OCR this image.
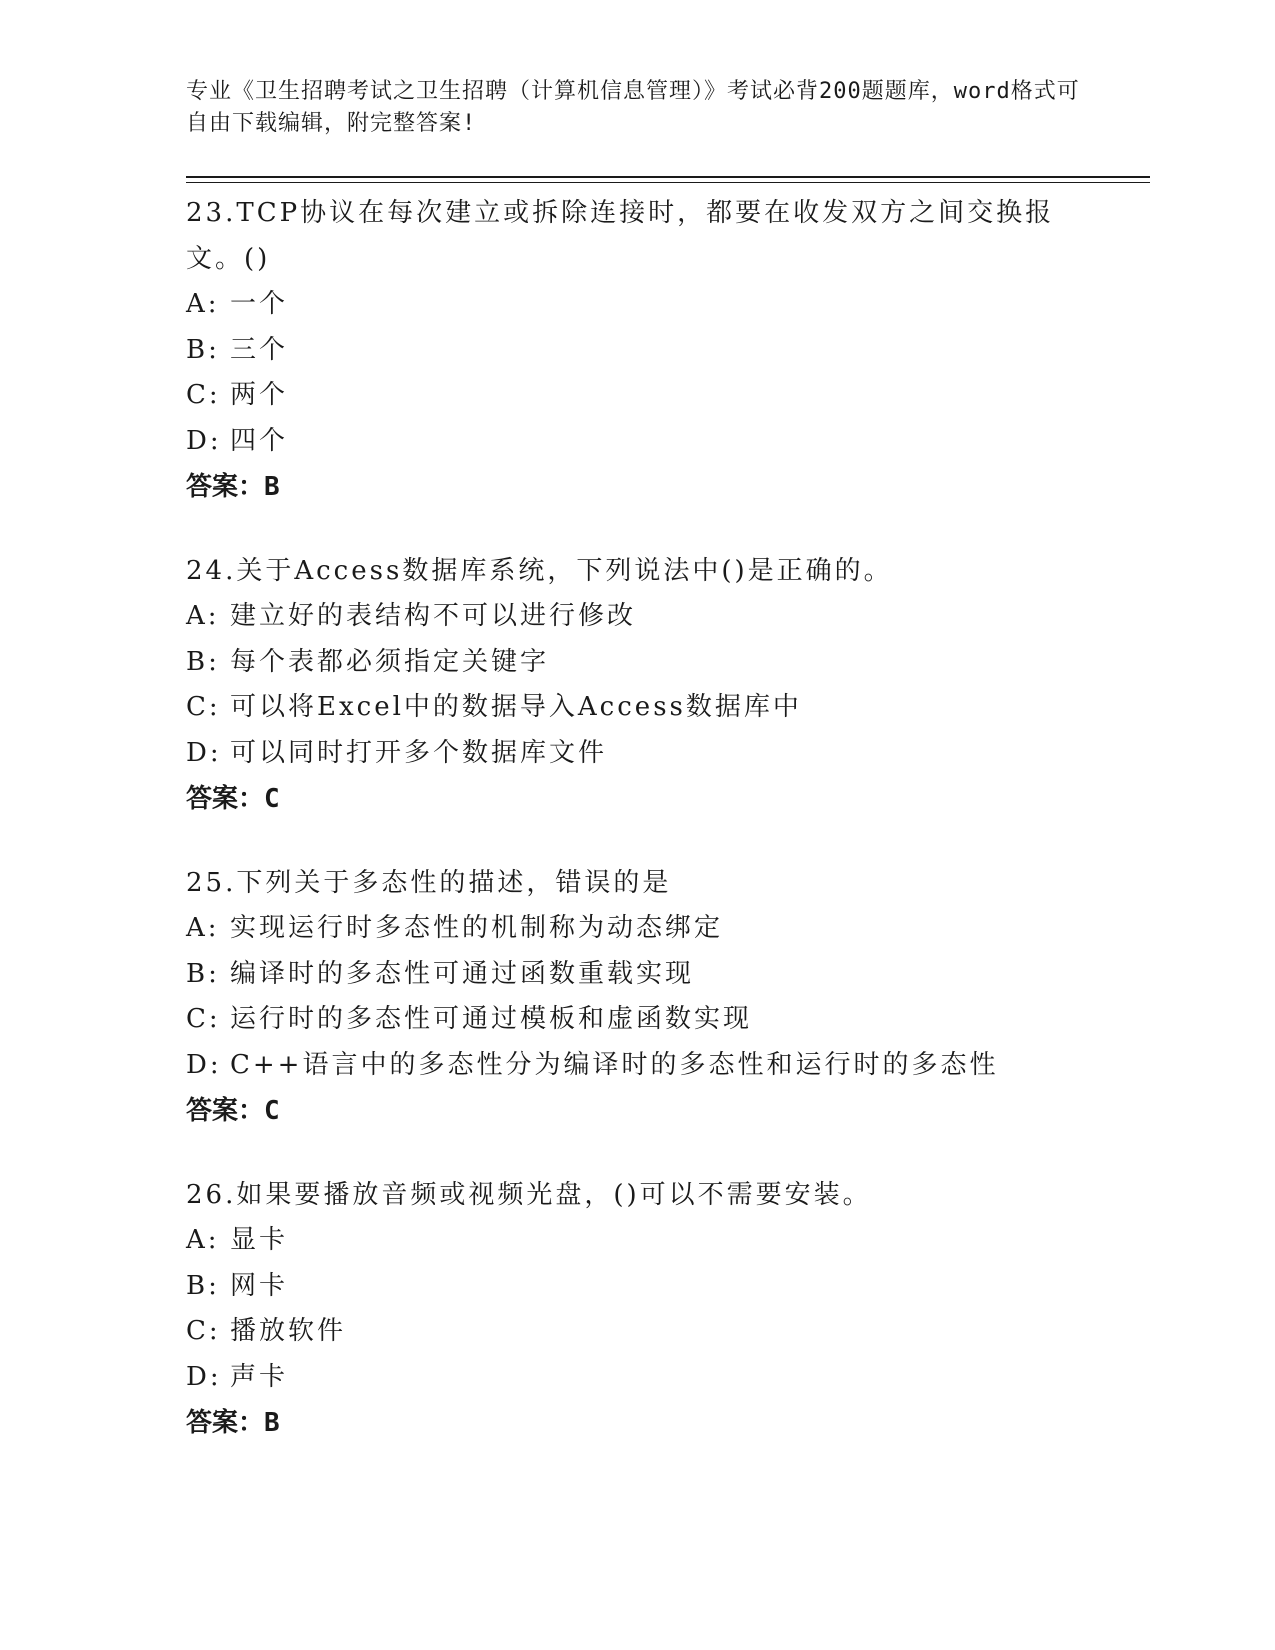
专业《卫生招聘考试之卫生招聘（计算机信息管理）》考试必背200题题库，word格式可自由下载编辑，附完整答案!
23.TCP协议在每次建立或拆除连接时，都要在收发双方之间交换报文。()
A: 一个
B: 三个
C: 两个
D: 四个
答案：B
24.关于Access数据库系统，下列说法中()是正确的。
A: 建立好的表结构不可以进行修改
B: 每个表都必须指定关键字
C: 可以将Excel中的数据导入Access数据库中
D: 可以同时打开多个数据库文件
答案：C
25.下列关于多态性的描述，错误的是
A: 实现运行时多态性的机制称为动态绑定
B: 编译时的多态性可通过函数重载实现
C: 运行时的多态性可通过模板和虚函数实现
D: C++语言中的多态性分为编译时的多态性和运行时的多态性
答案：C
26.如果要播放音频或视频光盘，()可以不需要安装。
A: 显卡
B: 网卡
C: 播放软件
D: 声卡
答案：B
